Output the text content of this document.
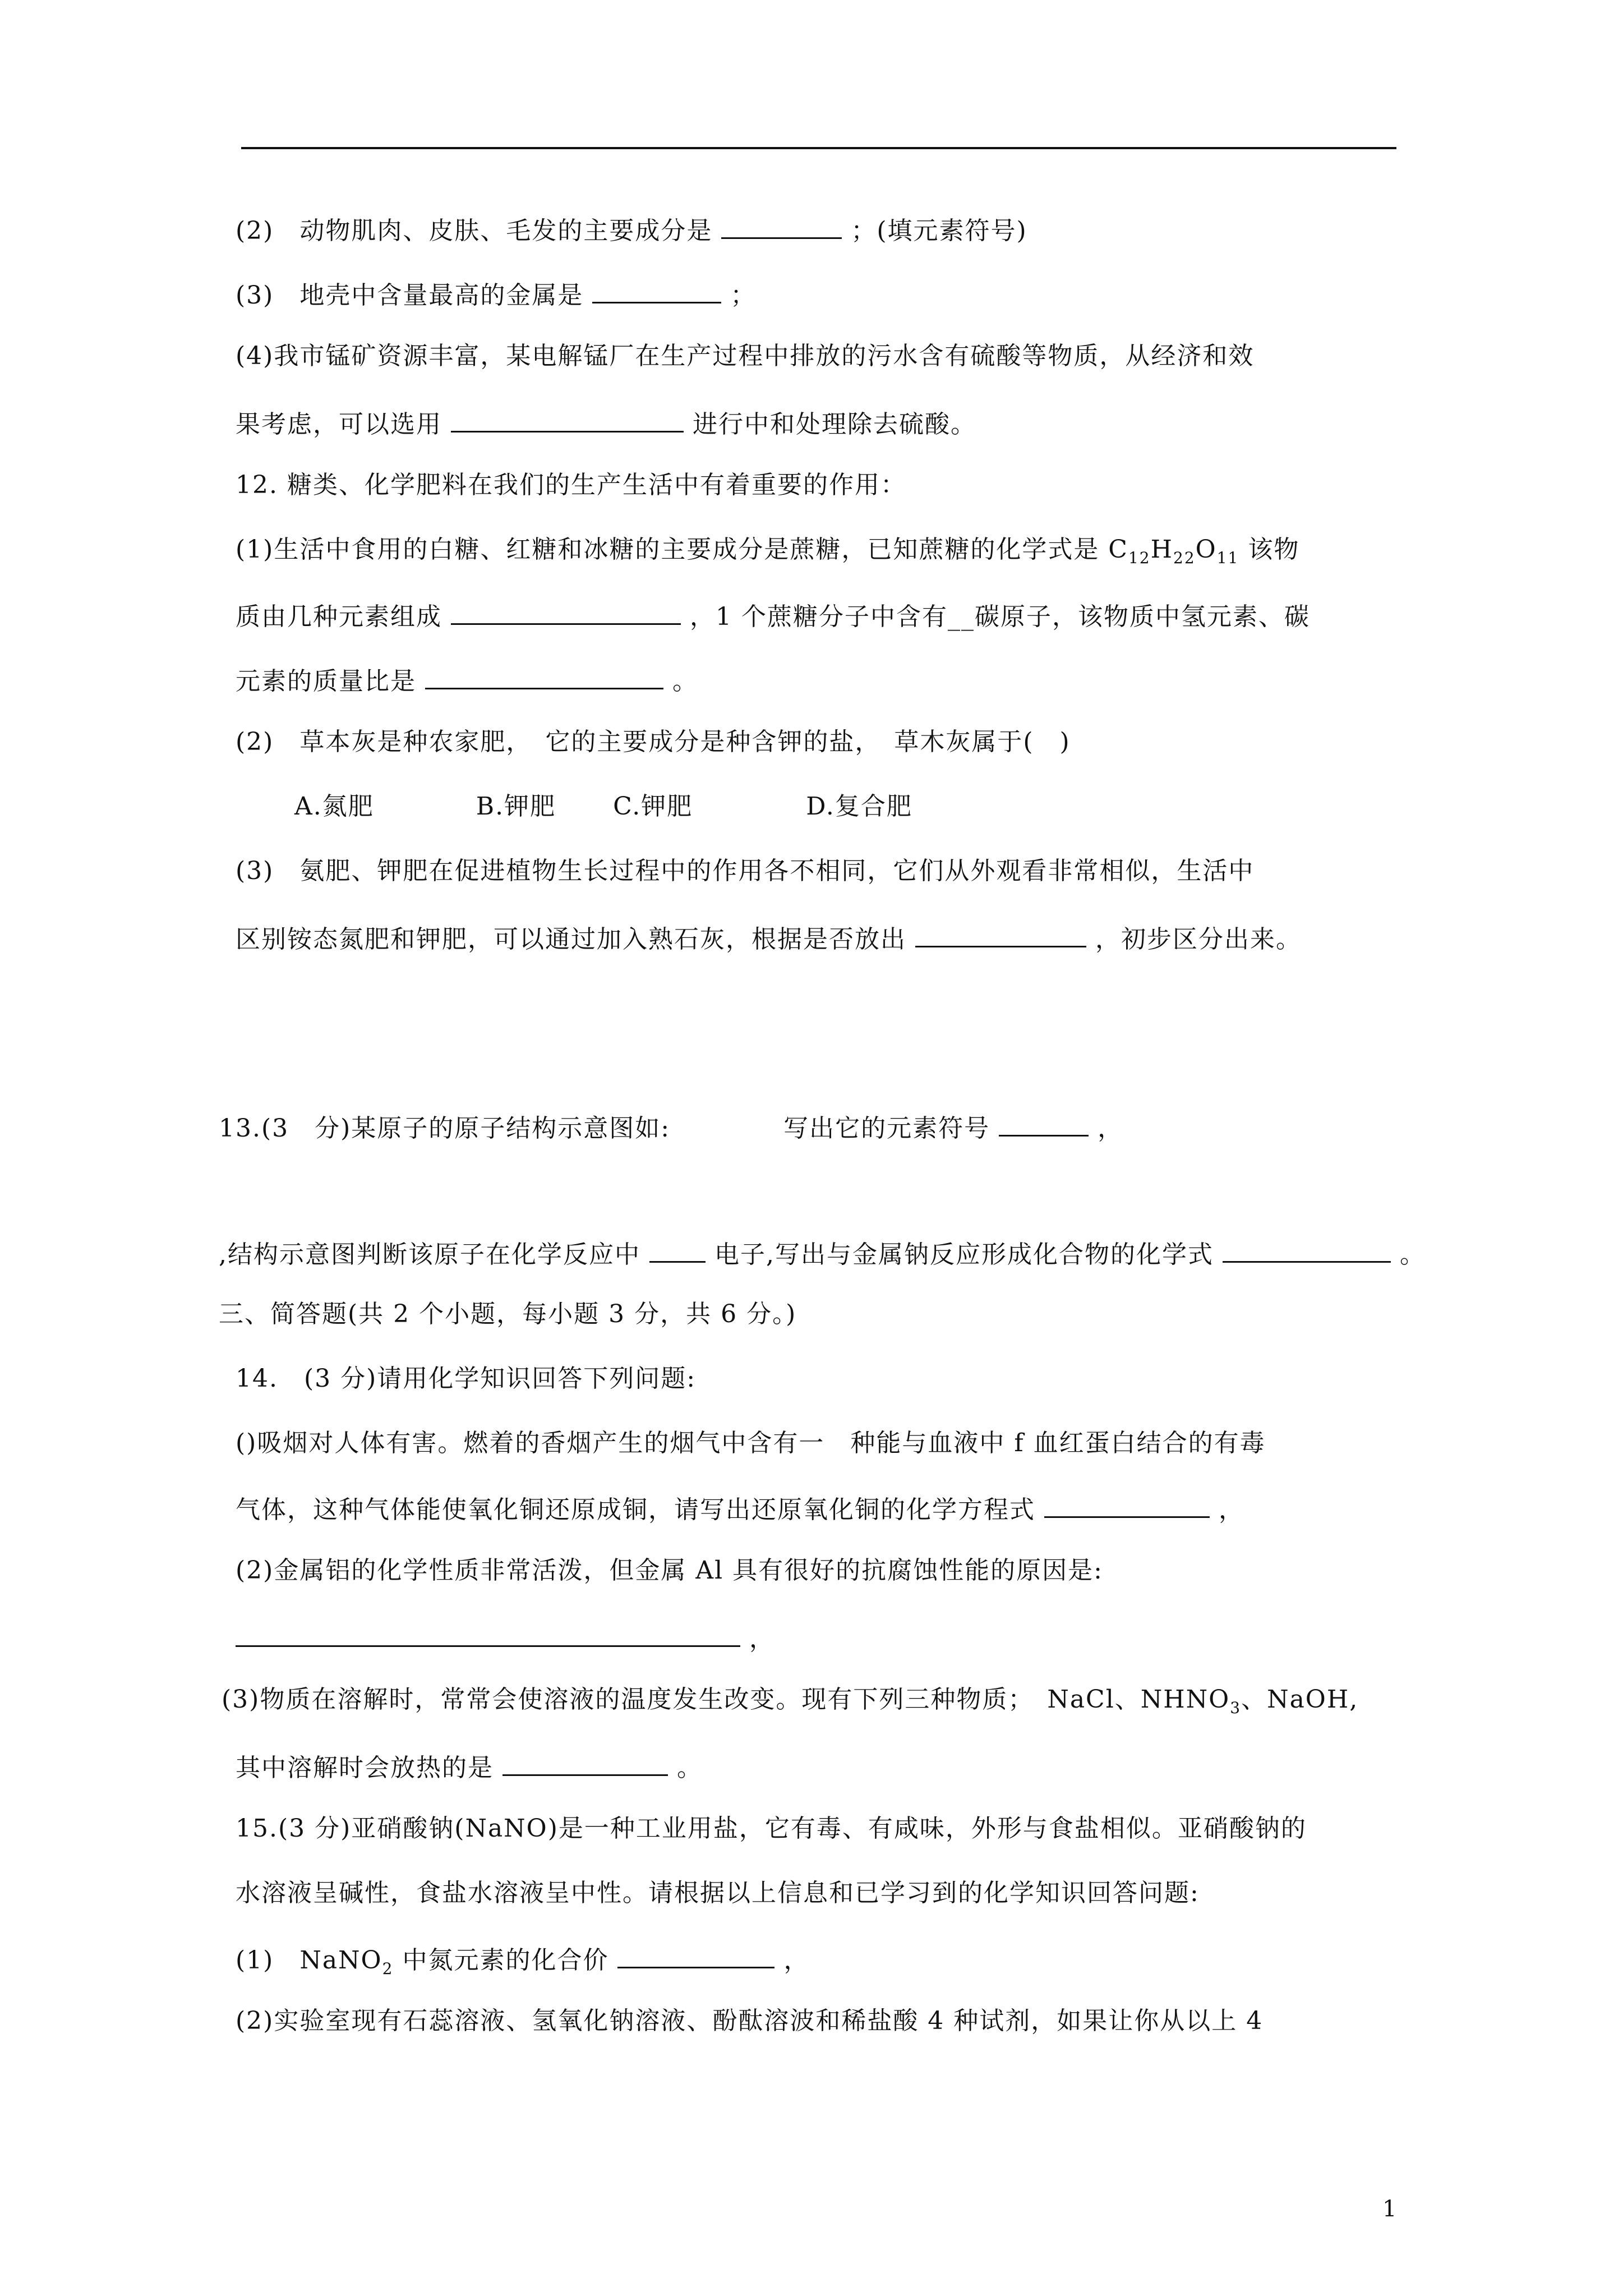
(2)　动物肌肉、皮肤、毛发的主要成分是	；(填元素符号)
(3)　地壳中含量最高的金属是	；
(4)我市锰矿资源丰富，某电解锰厂在生产过程中排放的污水含有硫酸等物质，从经济和效
果考虑，可以选用	进行中和处理除去硫酸。
12. 糖类、化学肥料在我们的生产生活中有着重要的作用：
(1)生活中食用的白糖、红糖和冰糖的主要成分是蔗糖，已知蔗糖的化学式是 $C_{12}H_{22}O_{11}$ 该物
质由几种元素组成	，1 个蔗糖分子中含有__碳原子，该物质中氢元素、碳
元素的质量比是	。
(2)　草本灰是种农家肥，　它的主要成分是种含钾的盐，　草木灰属于(　)
A.氮肥	B.钾肥 C.钾肥	D.复合肥
(3)　氨肥、钾肥在促进植物生长过程中的作用各不相同，它们从外观看非常相似，生活中
区别铵态氮肥和钾肥，可以通过加入熟石灰，根据是否放出	，初步区分出来。
13.(3　分)某原子的原子结构示意图如:	写出它的元素符号	，
,结构示意图判断该原子在化学反应中	电子,写出与金属钠反应形成化合物的化学式	。
三、简答题(共 2 个小题，每小题 3 分，共 6 分。)
14.　(3 分)请用化学知识回答下列问题:
()吸烟对人体有害。燃着的香烟产生的烟气中含有一　种能与血液中 f 血红蛋白结合的有毒
气体，这种气体能使氧化铜还原成铜，请写出还原氧化铜的化学方程式	，
(2)金属铝的化学性质非常活泼，但金属 Al 具有很好的抗腐蚀性能的原因是:
，
(3)物质在溶解时，常常会使溶液的温度发生改变。现有下列三种物质；　NaCl、$NHNO_3$、NaOH,
其中溶解时会放热的是	。
15.(3 分)亚硝酸钠(NaNO)是一种工业用盐，它有毒、有咸味，外形与食盐相似。亚硝酸钠的
水溶液呈碱性，食盐水溶液呈中性。请根据以上信息和已学习到的化学知识回答问题:
(1)　NaNO$_2$ 中氮元素的化合价	，
(2)实验室现有石蕊溶液、氢氧化钠溶液、酚酞溶波和稀盐酸 4 种试剂，如果让你从以上 4
1
